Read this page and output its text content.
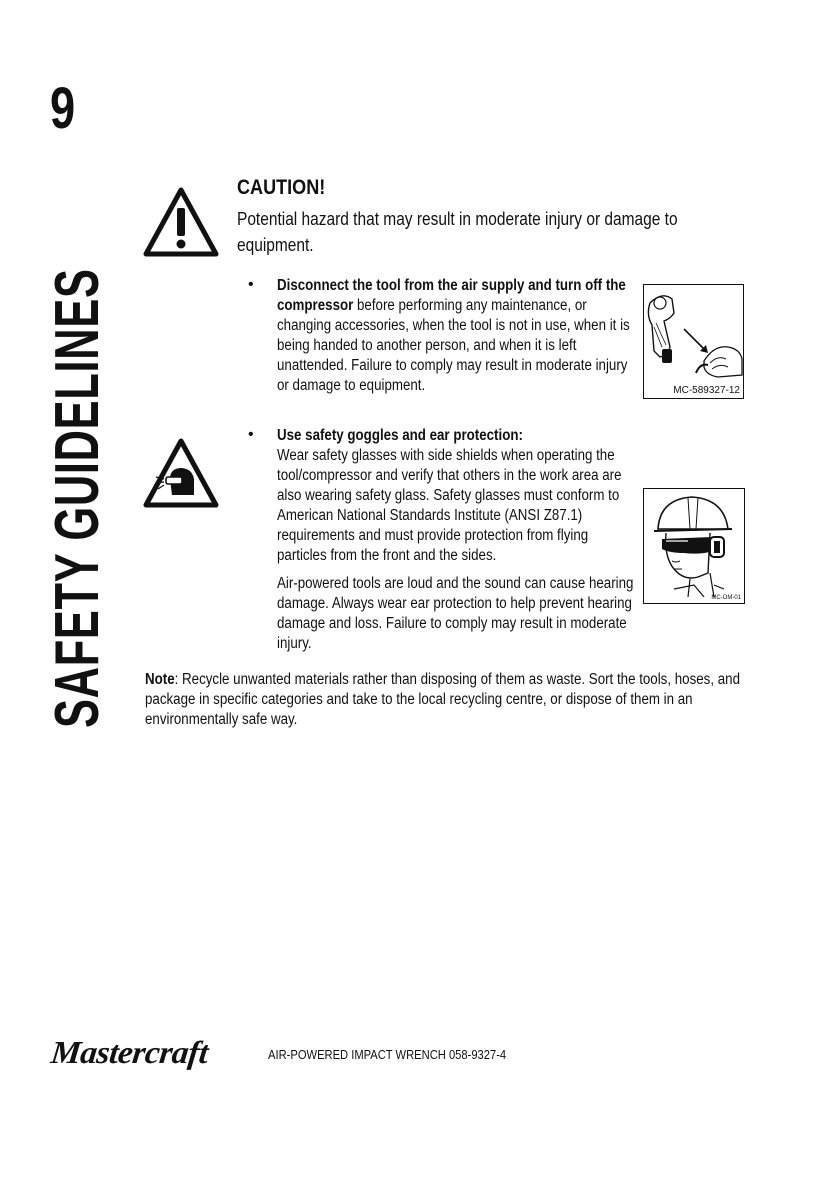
9
SAFETY GUIDELINES
CAUTION!
Potential hazard that may result in moderate injury or damage to equipment.
• Disconnect the tool from the air supply and turn off the compressor before performing any maintenance, or changing accessories, when the tool is not in use, when it is being handed to another person, and when it is left unattended. Failure to comply may result in moderate injury or damage to equipment.	MC-589327-12
• Use safety goggles and ear protection:

Wear safety glasses with side shields when operating the tool/compressor and verify that others in the work area are also wearing safety glass. Safety glasses must conform to American National Standards Institute (ANSI Z87.1) requirements and must provide protection from flying particles from the front and the sides.

Air-powered tools are loud and the sound can cause hearing damage. Always wear ear protection to help prevent hearing damage and loss. Failure to comply may result in moderate injury.

MC-OM-01
Note: Recycle unwanted materials rather than disposing of them as waste. Sort the tools, hoses, and package in specific categories and take to the local recycling centre, or dispose of them in an environmentally safe way.
Mastercraft	AIR-POWERED IMPACT WRENCH 058-9327-4
